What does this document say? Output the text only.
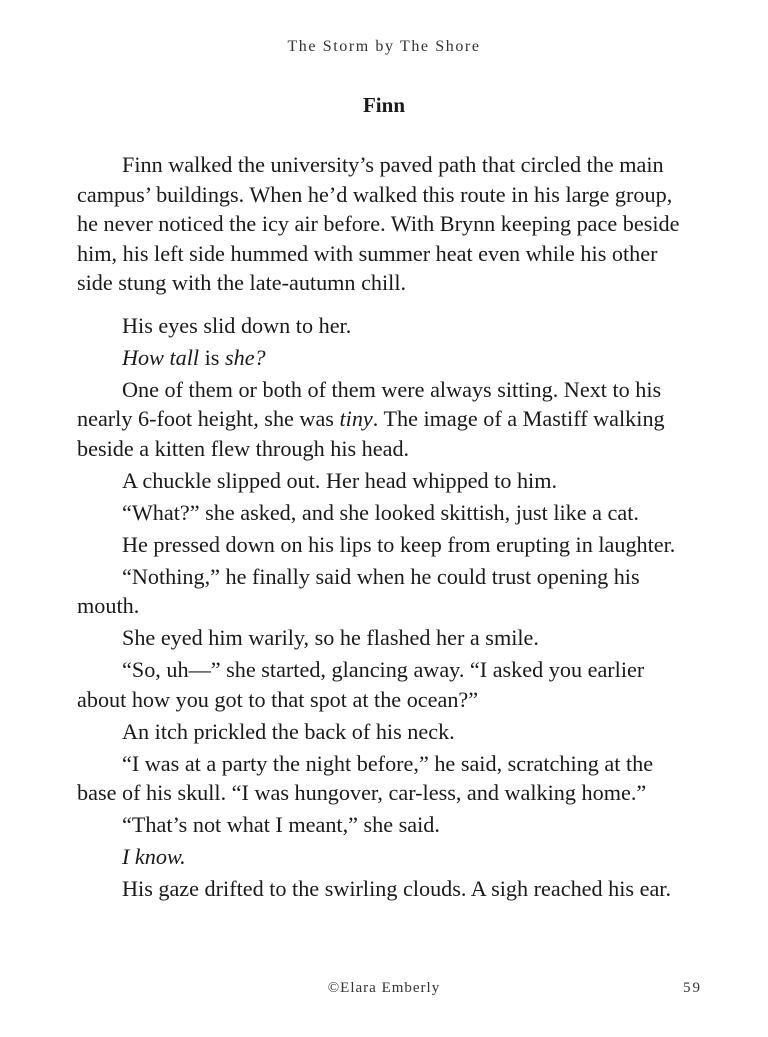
The Storm by The Shore
Finn

Finn walked the university’s paved path that circled the main campus’ buildings. When he’d walked this route in his large group, he never noticed the icy air before. With Brynn keeping pace beside him, his left side hummed with summer heat even while his other side stung with the late-autumn chill.

His eyes slid down to her.

How tall is she?

One of them or both of them were always sitting. Next to his nearly 6-foot height, she was tiny. The image of a Mastiff walking beside a kitten flew through his head.

A chuckle slipped out. Her head whipped to him.

“What?” she asked, and she looked skittish, just like a cat.

He pressed down on his lips to keep from erupting in laughter.

“Nothing,” he finally said when he could trust opening his mouth.

She eyed him warily, so he flashed her a smile.

“So, uh—” she started, glancing away. “I asked you earlier about how you got to that spot at the ocean?”

An itch prickled the back of his neck.

“I was at a party the night before,” he said, scratching at the base of his skull. “I was hungover, car-less, and walking home.”

“That’s not what I meant,” she said.

I know.

His gaze drifted to the swirling clouds. A sigh reached his ear.

©Elara Emberly	59
